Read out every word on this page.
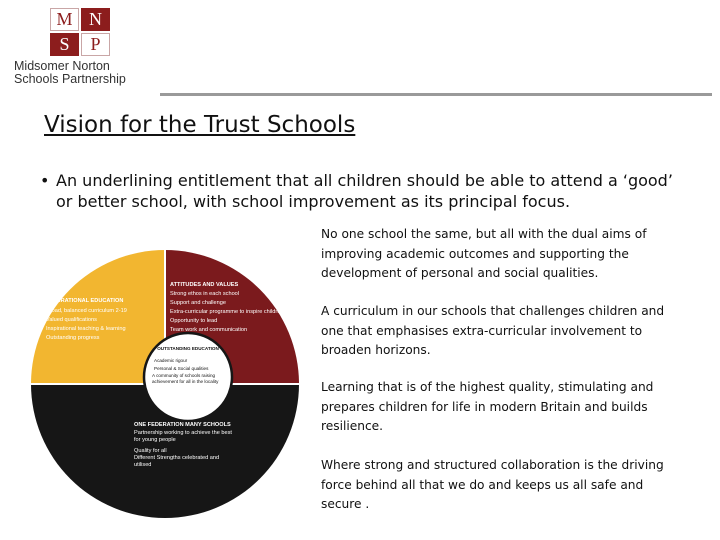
M N
S	P
Midsomer Norton
Schools Partnership
Vision for the Trust Schools
• An underlining entitlement that all children should be able to attend a ‘good’ or better school, with school improvement as its principal focus.
INSPIRATIONAL EDUCATION
Broad, balanced curriculum 2-19
Valued qualifications
Inspirational teaching & learning
Outstanding progress
ATTITUDES AND VALUES
Strong ethos in each school
Support and challenge
Extra-curricular programme to inspire children
Opportunity to lead
Team work and communication
OUTSTANDING EDUCATION
Academic rigour
Personal & Social qualities
A community of schools raising achievement for all in the locality
ONE FEDERATION MANY SCHOOLS
Partnership working to achieve the best for young people
Quality for all
Different Strengths celebrated and utilised
No one school the same, but all with the dual aims of improving academic outcomes and supporting the development of personal and social qualities.
A curriculum in our schools that challenges children and one that emphasises extra-curricular involvement to broaden horizons.
Learning that is of the highest quality, stimulating and prepares children for life in modern Britain and builds resilience.
Where strong and structured collaboration is the driving force behind all that we do and keeps us all safe and secure .
